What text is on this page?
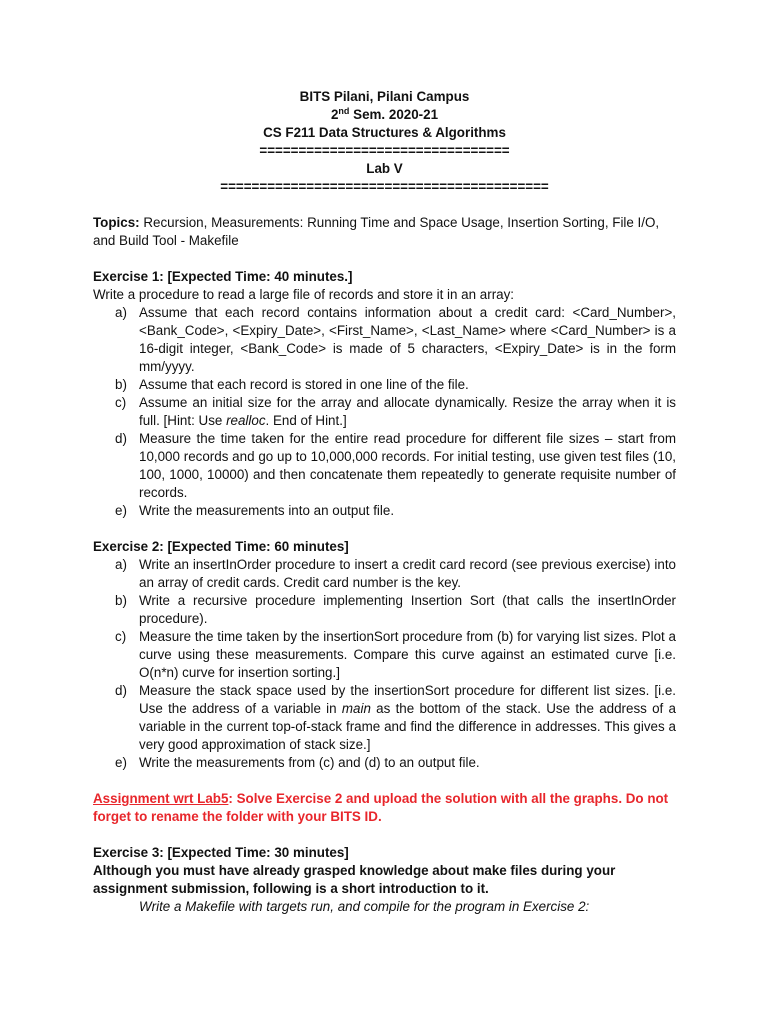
BITS Pilani, Pilani Campus
2nd Sem. 2020-21
CS F211 Data Structures & Algorithms
================================
Lab V
==========================================

Topics: Recursion, Measurements: Running Time and Space Usage, Insertion Sorting, File I/O, and Build Tool - Makefile

Exercise 1: [Expected Time: 40 minutes.]
Write a procedure to read a large file of records and store it in an array:
a) Assume that each record contains information about a credit card: <Card_Number>, <Bank_Code>, <Expiry_Date>, <First_Name>, <Last_Name> where <Card_Number> is a 16-digit integer, <Bank_Code> is made of 5 characters, <Expiry_Date> is in the form mm/yyyy.
b) Assume that each record is stored in one line of the file.
c) Assume an initial size for the array and allocate dynamically. Resize the array when it is full. [Hint: Use realloc. End of Hint.]
d) Measure the time taken for the entire read procedure for different file sizes – start from 10,000 records and go up to 10,000,000 records. For initial testing, use given test files (10, 100, 1000, 10000) and then concatenate them repeatedly to generate requisite number of records.
e) Write the measurements into an output file.
Exercise 2: [Expected Time: 60 minutes]
a) Write an insertInOrder procedure to insert a credit card record (see previous exercise) into an array of credit cards. Credit card number is the key.
b) Write a recursive procedure implementing Insertion Sort (that calls the insertInOrder procedure).
c) Measure the time taken by the insertionSort procedure from (b) for varying list sizes. Plot a curve using these measurements. Compare this curve against an estimated curve [i.e. O(n*n) curve for insertion sorting.]
d) Measure the stack space used by the insertionSort procedure for different list sizes. [i.e. Use the address of a variable in main as the bottom of the stack. Use the address of a variable in the current top-of-stack frame and find the difference in addresses. This gives a very good approximation of stack size.]
e) Write the measurements from (c) and (d) to an output file.

Assignment wrt Lab5: Solve Exercise 2 and upload the solution with all the graphs. Do not forget to rename the folder with your BITS ID.

Exercise 3: [Expected Time: 30 minutes]
Although you must have already grasped knowledge about make files during your assignment submission, following is a short introduction to it.
Write a Makefile with targets run, and compile for the program in Exercise 2:
